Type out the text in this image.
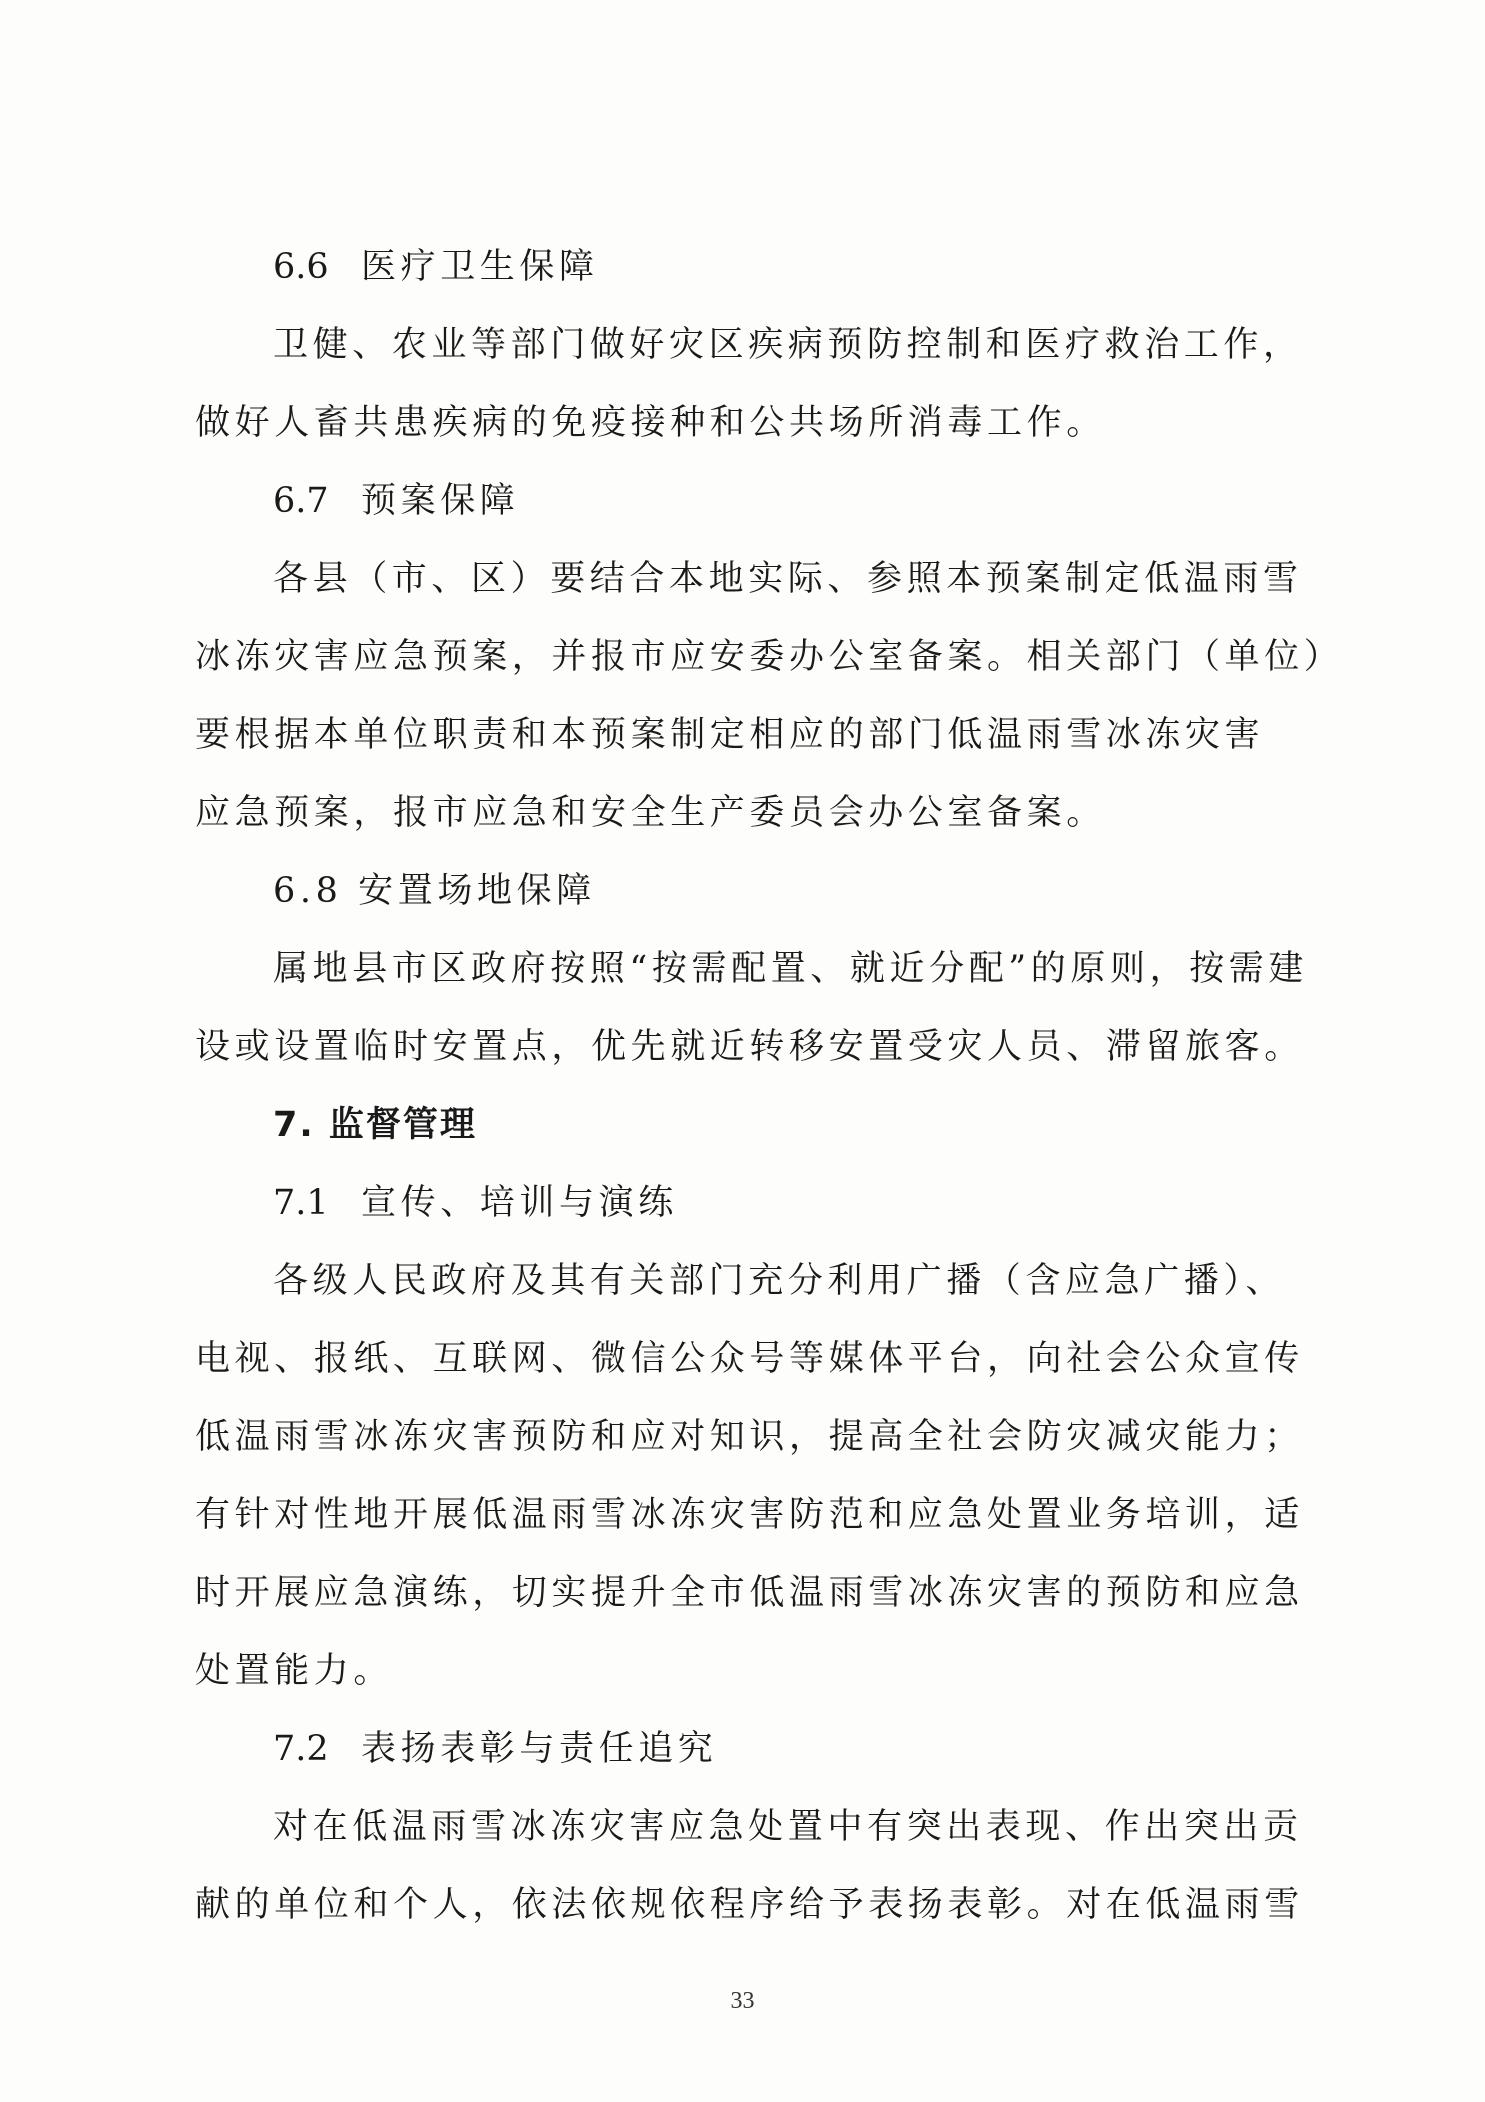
6.6 医疗卫生保障
卫健、农业等部门做好灾区疾病预防控制和医疗救治工作，
做好人畜共患疾病的免疫接种和公共场所消毒工作。
6.7 预案保障
各县（市、区）要结合本地实际、参照本预案制定低温雨雪
冰冻灾害应急预案，并报市应安委办公室备案。相关部门（单位）
要根据本单位职责和本预案制定相应的部门低温雨雪冰冻灾害
应急预案，报市应急和安全生产委员会办公室备案。
6.8 安置场地保障
属地县市区政府按照“按需配置、就近分配”的原则，按需建
设或设置临时安置点，优先就近转移安置受灾人员、滞留旅客。
7. 监督管理
7.1 宣传、培训与演练
各级人民政府及其有关部门充分利用广播（含应急广播）、
电视、报纸、互联网、微信公众号等媒体平台，向社会公众宣传
低温雨雪冰冻灾害预防和应对知识，提高全社会防灾减灾能力；
有针对性地开展低温雨雪冰冻灾害防范和应急处置业务培训，适
时开展应急演练，切实提升全市低温雨雪冰冻灾害的预防和应急
处置能力。
7.2 表扬表彰与责任追究
对在低温雨雪冰冻灾害应急处置中有突出表现、作出突出贡
献的单位和个人，依法依规依程序给予表扬表彰。对在低温雨雪
33
